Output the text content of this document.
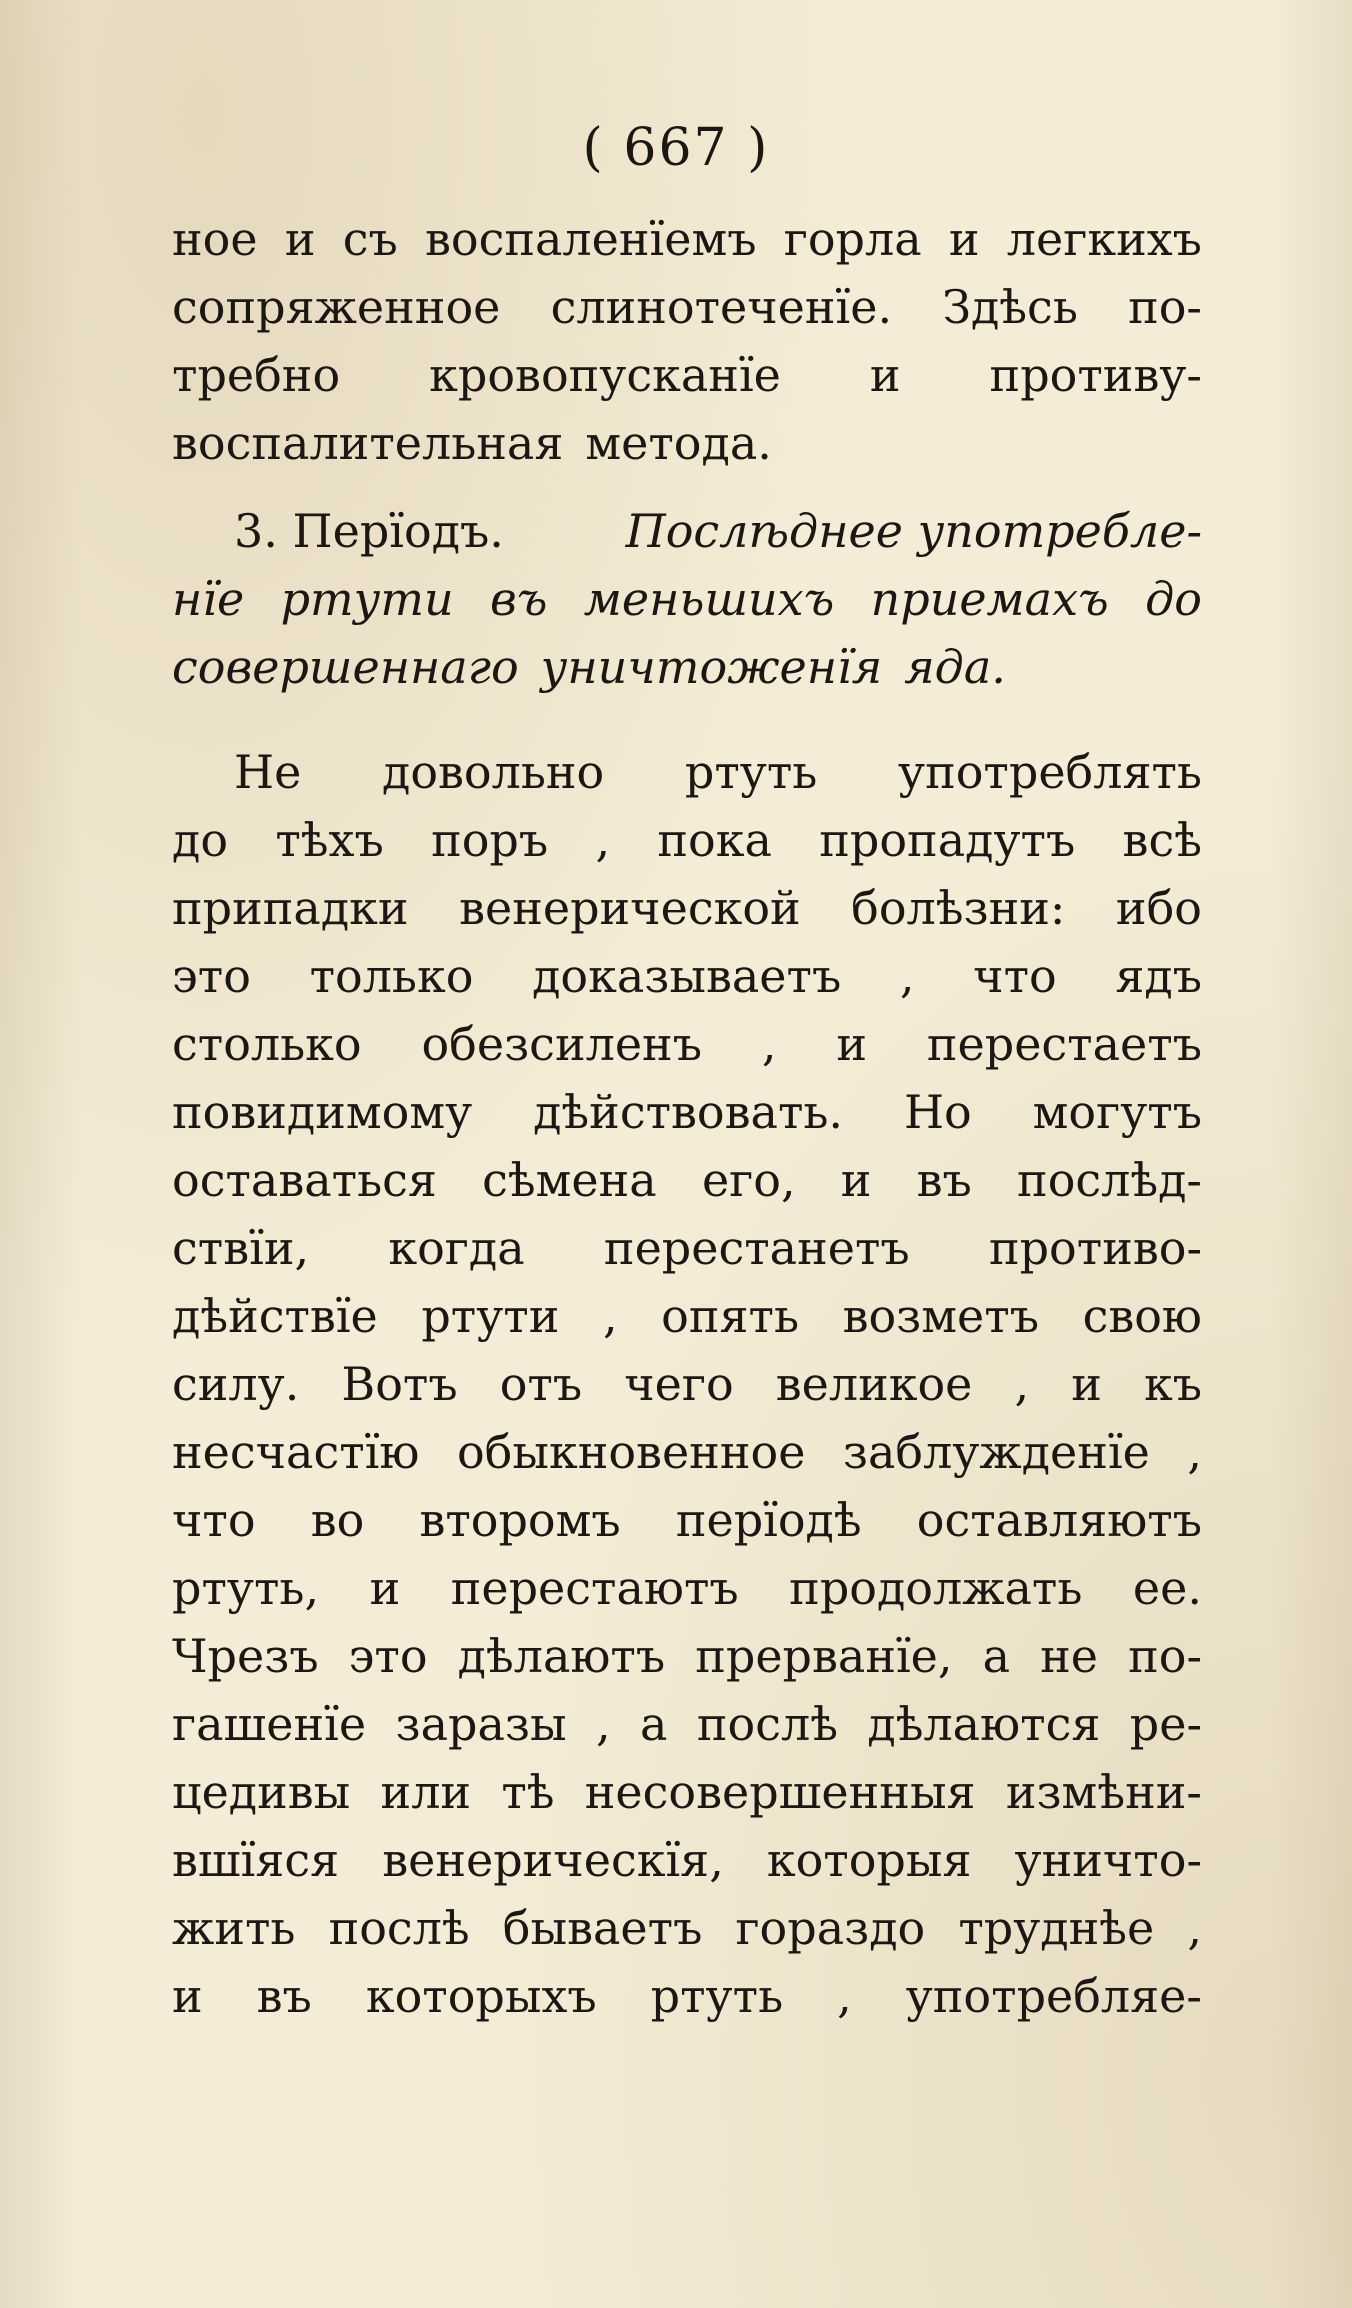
( 667 )
ное и съ воспаленїемъ горла и легкихъ
сопряженное слинотеченїе. Здѣсь по-
требно кровопусканїе и противу-
воспалительная метода.
3. Перїодъ.	Послѣднее употребле-
нїе ртути въ меньшихъ приемахъ до
совершеннаго уничтоженїя яда.
Не довольно ртуть употреблять
до тѣхъ поръ , пока пропадутъ всѣ
припадки венерической болѣзни: ибо
это только доказываетъ , что ядъ
столько обезсиленъ , и перестаетъ
повидимому дѣйствовать. Но могутъ
оставаться сѣмена его, и въ послѣд-
ствїи, когда перестанетъ противо-
дѣйствїе ртути , опять возметъ свою
силу. Вотъ отъ чего великое , и къ
несчастїю обыкновенное заблужденїе ,
что во второмъ перїодѣ оставляютъ
ртуть, и перестаютъ продолжать ее.
Чрезъ это дѣлаютъ прерванїе, а не по-
гашенїе заразы , а послѣ дѣлаются ре-
цедивы или тѣ несовершенныя измѣни-
вшїяся венерическїя, которыя уничто-
жить послѣ бываетъ гораздо труднѣе ,
и въ которыхъ ртуть , употребляе-
